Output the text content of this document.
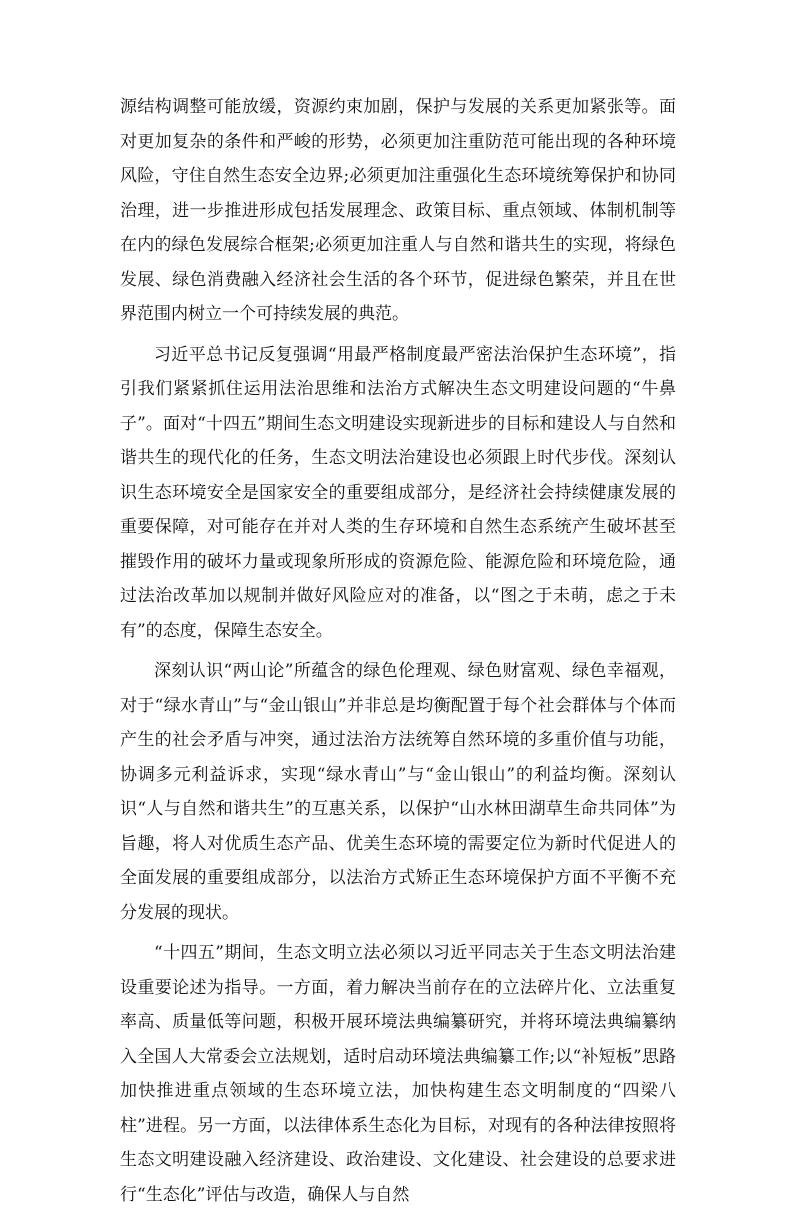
源结构调整可能放缓，资源约束加剧，保护与发展的关系更加紧张等。面对更加复杂的条件和严峻的形势，必须更加注重防范可能出现的各种环境风险，守住自然生态安全边界;必须更加注重强化生态环境统筹保护和协同治理，进一步推进形成包括发展理念、政策目标、重点领域、体制机制等在内的绿色发展综合框架;必须更加注重人与自然和谐共生的实现，将绿色发展、绿色消费融入经济社会生活的各个环节，促进绿色繁荣，并且在世界范围内树立一个可持续发展的典范。

习近平总书记反复强调“用最严格制度最严密法治保护生态环境”，指引我们紧紧抓住运用法治思维和法治方式解决生态文明建设问题的“牛鼻子”。面对“十四五”期间生态文明建设实现新进步的目标和建设人与自然和谐共生的现代化的任务，生态文明法治建设也必须跟上时代步伐。深刻认识生态环境安全是国家安全的重要组成部分，是经济社会持续健康发展的重要保障，对可能存在并对人类的生存环境和自然生态系统产生破坏甚至摧毁作用的破坏力量或现象所形成的资源危险、能源危险和环境危险，通过法治改革加以规制并做好风险应对的准备，以“图之于未萌，虑之于未有”的态度，保障生态安全。

深刻认识“两山论”所蕴含的绿色伦理观、绿色财富观、绿色幸福观，对于“绿水青山”与“金山银山”并非总是均衡配置于每个社会群体与个体而产生的社会矛盾与冲突，通过法治方法统筹自然环境的多重价值与功能，协调多元利益诉求，实现“绿水青山”与“金山银山”的利益均衡。深刻认识“人与自然和谐共生”的互惠关系，以保护“山水林田湖草生命共同体”为旨趣，将人对优质生态产品、优美生态环境的需要定位为新时代促进人的全面发展的重要组成部分，以法治方式矫正生态环境保护方面不平衡不充分发展的现状。

“十四五”期间，生态文明立法必须以习近平同志关于生态文明法治建设重要论述为指导。一方面，着力解决当前存在的立法碎片化、立法重复率高、质量低等问题，积极开展环境法典编纂研究，并将环境法典编纂纳入全国人大常委会立法规划，适时启动环境法典编纂工作;以“补短板”思路加快推进重点领域的生态环境立法，加快构建生态文明制度的“四梁八柱”进程。另一方面，以法律体系生态化为目标，对现有的各种法律按照将生态文明建设融入经济建设、政治建设、文化建设、社会建设的总要求进行“生态化”评估与改造，确保人与自然
